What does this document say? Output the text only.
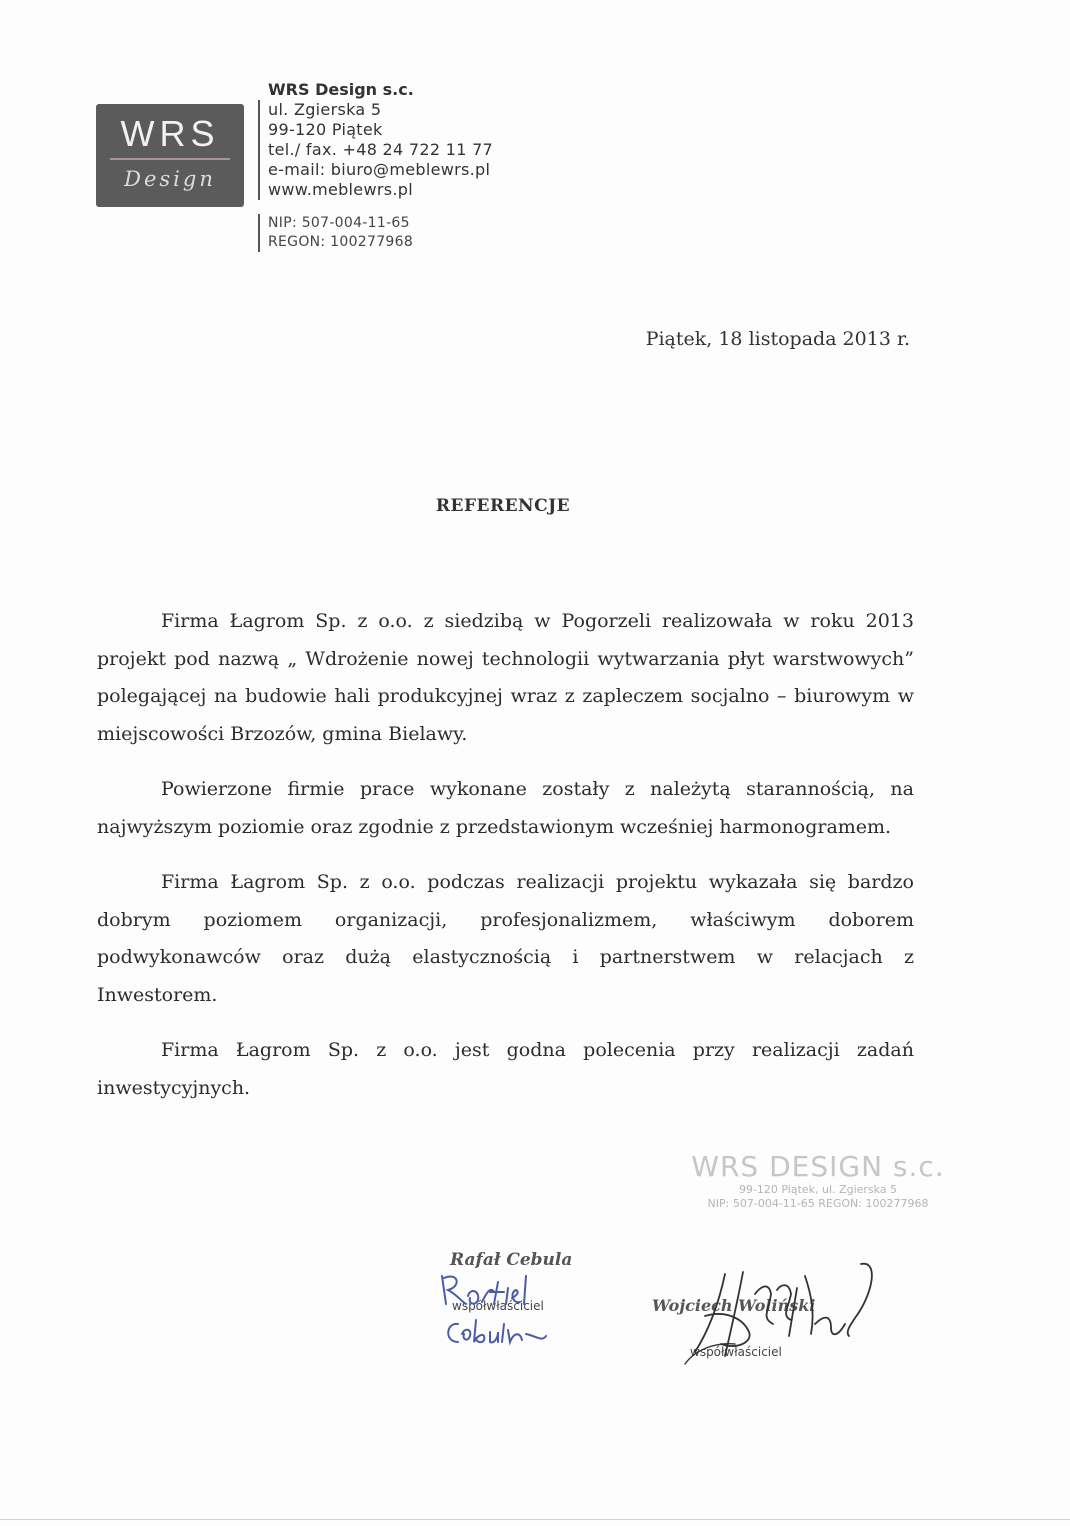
WRS
Design
WRS Design s.c.
ul. Zgierska 5
99-120 Piątek
tel./ fax. +48 24 722 11 77
e-mail: biuro@meblewrs.pl
www.meblewrs.pl
NIP: 507-004-11-65
REGON: 100277968
Piątek, 18 listopada 2013 r.
REFERENCJE

Firma Łagrom Sp. z o.o. z siedzibą w Pogorzeli realizowała w roku 2013 projekt pod nazwą „ Wdrożenie nowej technologii wytwarzania płyt warstwowych” polegającej na budowie hali produkcyjnej wraz z zapleczem socjalno – biurowym w miejscowości Brzozów, gmina Bielawy.

Powierzone firmie prace wykonane zostały z należytą starannością, na najwyższym poziomie oraz zgodnie z przedstawionym wcześniej harmonogramem.

Firma Łagrom Sp. z o.o. podczas realizacji projektu wykazała się bardzo dobrym poziomem organizacji, profesjonalizmem, właściwym doborem podwykonawców oraz dużą elastycznością i partnerstwem w relacjach z Inwestorem.

Firma Łagrom Sp. z o.o. jest godna polecenia przy realizacji zadań inwestycyjnych.

WRS DESIGN s.c.
99-120 Piątek, ul. Zgierska 5
NIP: 507-004-11-65 REGON: 100277968
Rafał Cebula
współwłaściciel	Wojciech Woliński
współwłaściciel
